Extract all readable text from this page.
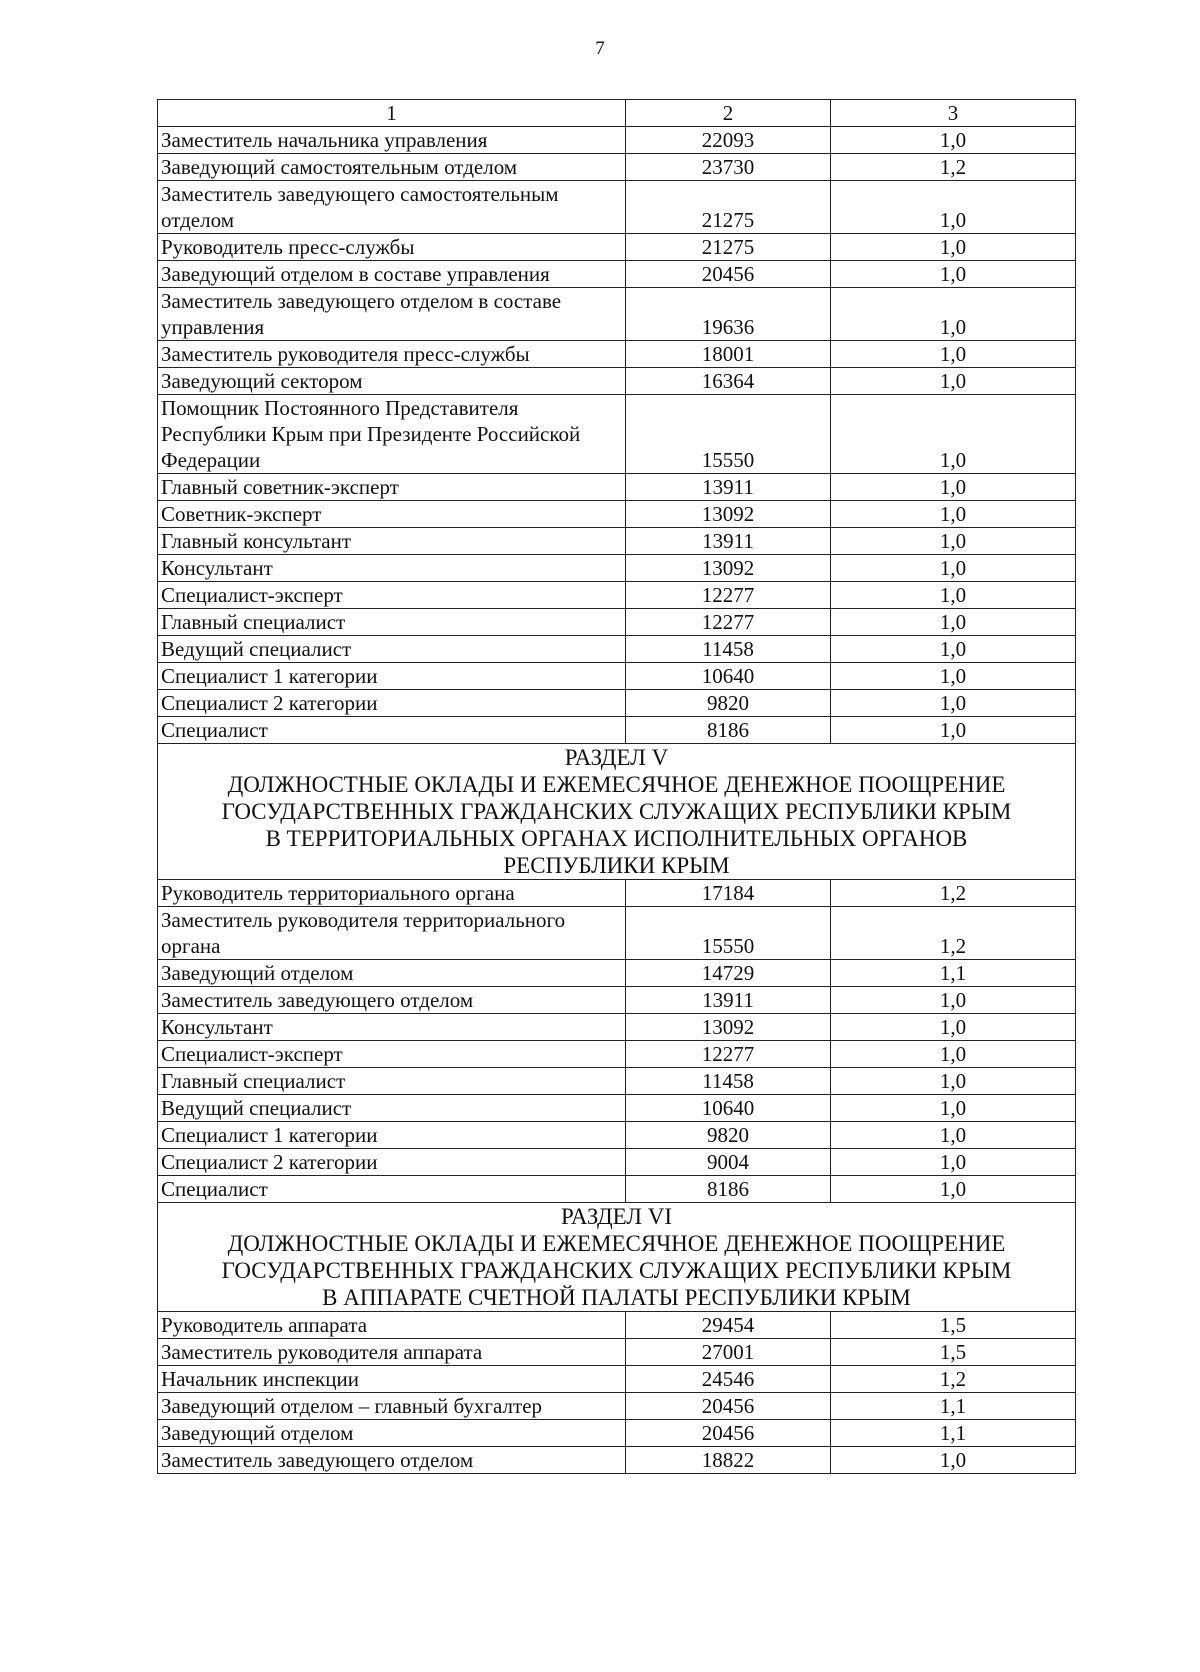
7
1	2	3
Заместитель начальника управления	22093	1,0
Заведующий самостоятельным отделом	23730	1,2
Заместитель заведующего самостоятельным отделом	21275	1,0
Руководитель пресс-службы	21275	1,0
Заведующий отделом в составе управления	20456	1,0
Заместитель заведующего отделом в составе управления	19636	1,0
Заместитель руководителя пресс-службы	18001	1,0
Заведующий сектором	16364	1,0
Помощник Постоянного Представителя Республики Крым при Президенте Российской Федерации	15550	1,0
Главный советник-эксперт	13911	1,0
Советник-эксперт	13092	1,0
Главный консультант	13911	1,0
Консультант	13092	1,0
Специалист-эксперт	12277	1,0
Главный специалист	12277	1,0
Ведущий специалист	11458	1,0
Специалист 1 категории	10640	1,0
Специалист 2 категории	9820	1,0
Специалист	8186	1,0

РАЗДЕЛ V
ДОЛЖНОСТНЫЕ ОКЛАДЫ И ЕЖЕМЕСЯЧНОЕ ДЕНЕЖНОЕ ПООЩРЕНИЕ
ГОСУДАРСТВЕННЫХ ГРАЖДАНСКИХ СЛУЖАЩИХ РЕСПУБЛИКИ КРЫМ
В ТЕРРИТОРИАЛЬНЫХ ОРГАНАХ ИСПОЛНИТЕЛЬНЫХ ОРГАНОВ
РЕСПУБЛИКИ КРЫМ		

Руководитель территориального органа	17184	1,2
Заместитель руководителя территориального органа	15550	1,2
Заведующий отделом	14729	1,1
Заместитель заведующего отделом	13911	1,0
Консультант	13092	1,0
Специалист-эксперт	12277	1,0
Главный специалист	11458	1,0
Ведущий специалист	10640	1,0
Специалист 1 категории	9820	1,0
Специалист 2 категории	9004	1,0
Специалист	8186	1,0

РАЗДЕЛ VI
ДОЛЖНОСТНЫЕ ОКЛАДЫ И ЕЖЕМЕСЯЧНОЕ ДЕНЕЖНОЕ ПООЩРЕНИЕ
ГОСУДАРСТВЕННЫХ ГРАЖДАНСКИХ СЛУЖАЩИХ РЕСПУБЛИКИ КРЫМ
В АППАРАТЕ СЧЕТНОЙ ПАЛАТЫ РЕСПУБЛИКИ КРЫМ		

Руководитель аппарата	29454	1,5
Заместитель руководителя аппарата	27001	1,5
Начальник инспекции	24546	1,2
Заведующий отделом – главный бухгалтер	20456	1,1
Заведующий отделом	20456	1,1
Заместитель заведующего отделом	18822	1,0
